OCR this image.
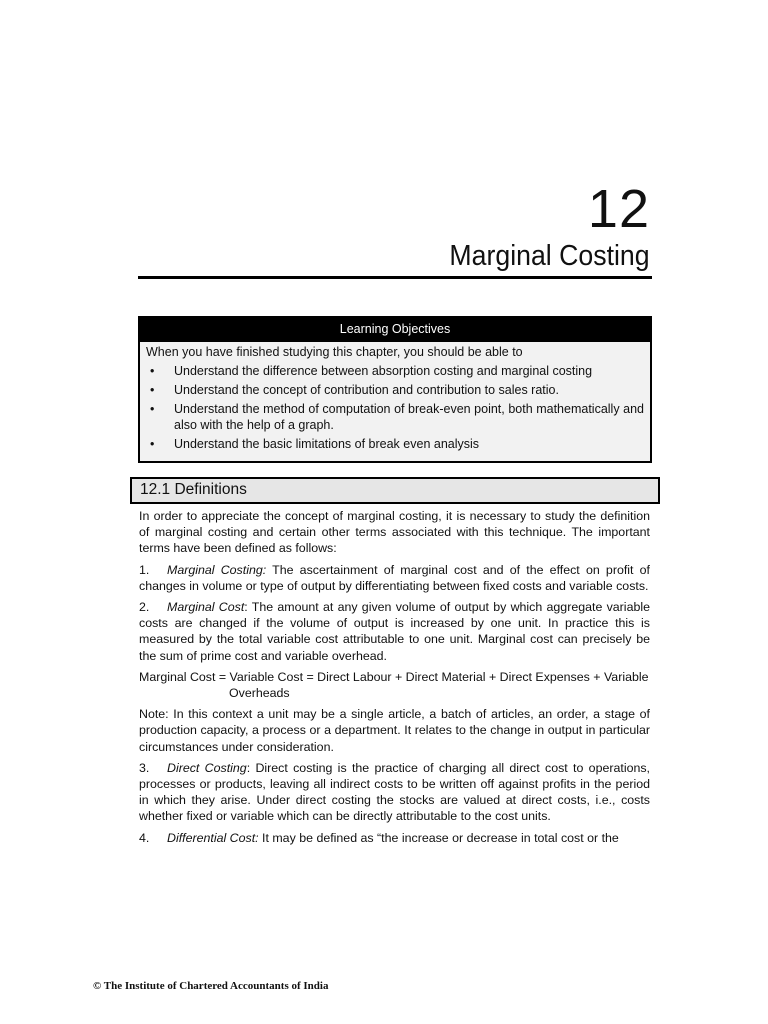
12
Marginal Costing
Learning Objectives
When you have finished studying this chapter, you should be able to
• Understand the difference between absorption costing and marginal costing
• Understand the concept of contribution and contribution to sales ratio.
• Understand the method of computation of break-even point, both mathematically and also with the help of a graph.
• Understand the basic limitations of break even analysis
12.1 Definitions

In order to appreciate the concept of marginal costing, it is necessary to study the definition of marginal costing and certain other terms associated with this technique. The important terms have been defined as follows:

1. Marginal Costing: The ascertainment of marginal cost and of the effect on profit of changes in volume or type of output by differentiating between fixed costs and variable costs.

2. Marginal Cost: The amount at any given volume of output by which aggregate variable costs are changed if the volume of output is increased by one unit. In practice this is measured by the total variable cost attributable to one unit. Marginal cost can precisely be the sum of prime cost and variable overhead.

Marginal Cost = Variable Cost = Direct Labour + Direct Material + Direct Expenses + Variable
Overheads

Note: In this context a unit may be a single article, a batch of articles, an order, a stage of production capacity, a process or a department. It relates to the change in output in particular circumstances under consideration.

3. Direct Costing: Direct costing is the practice of charging all direct cost to operations, processes or products, leaving all indirect costs to be written off against profits in the period in which they arise. Under direct costing the stocks are valued at direct costs, i.e., costs whether fixed or variable which can be directly attributable to the cost units.

4. Differential Cost: It may be defined as “the increase or decrease in total cost or the

© The Institute of Chartered Accountants of India
